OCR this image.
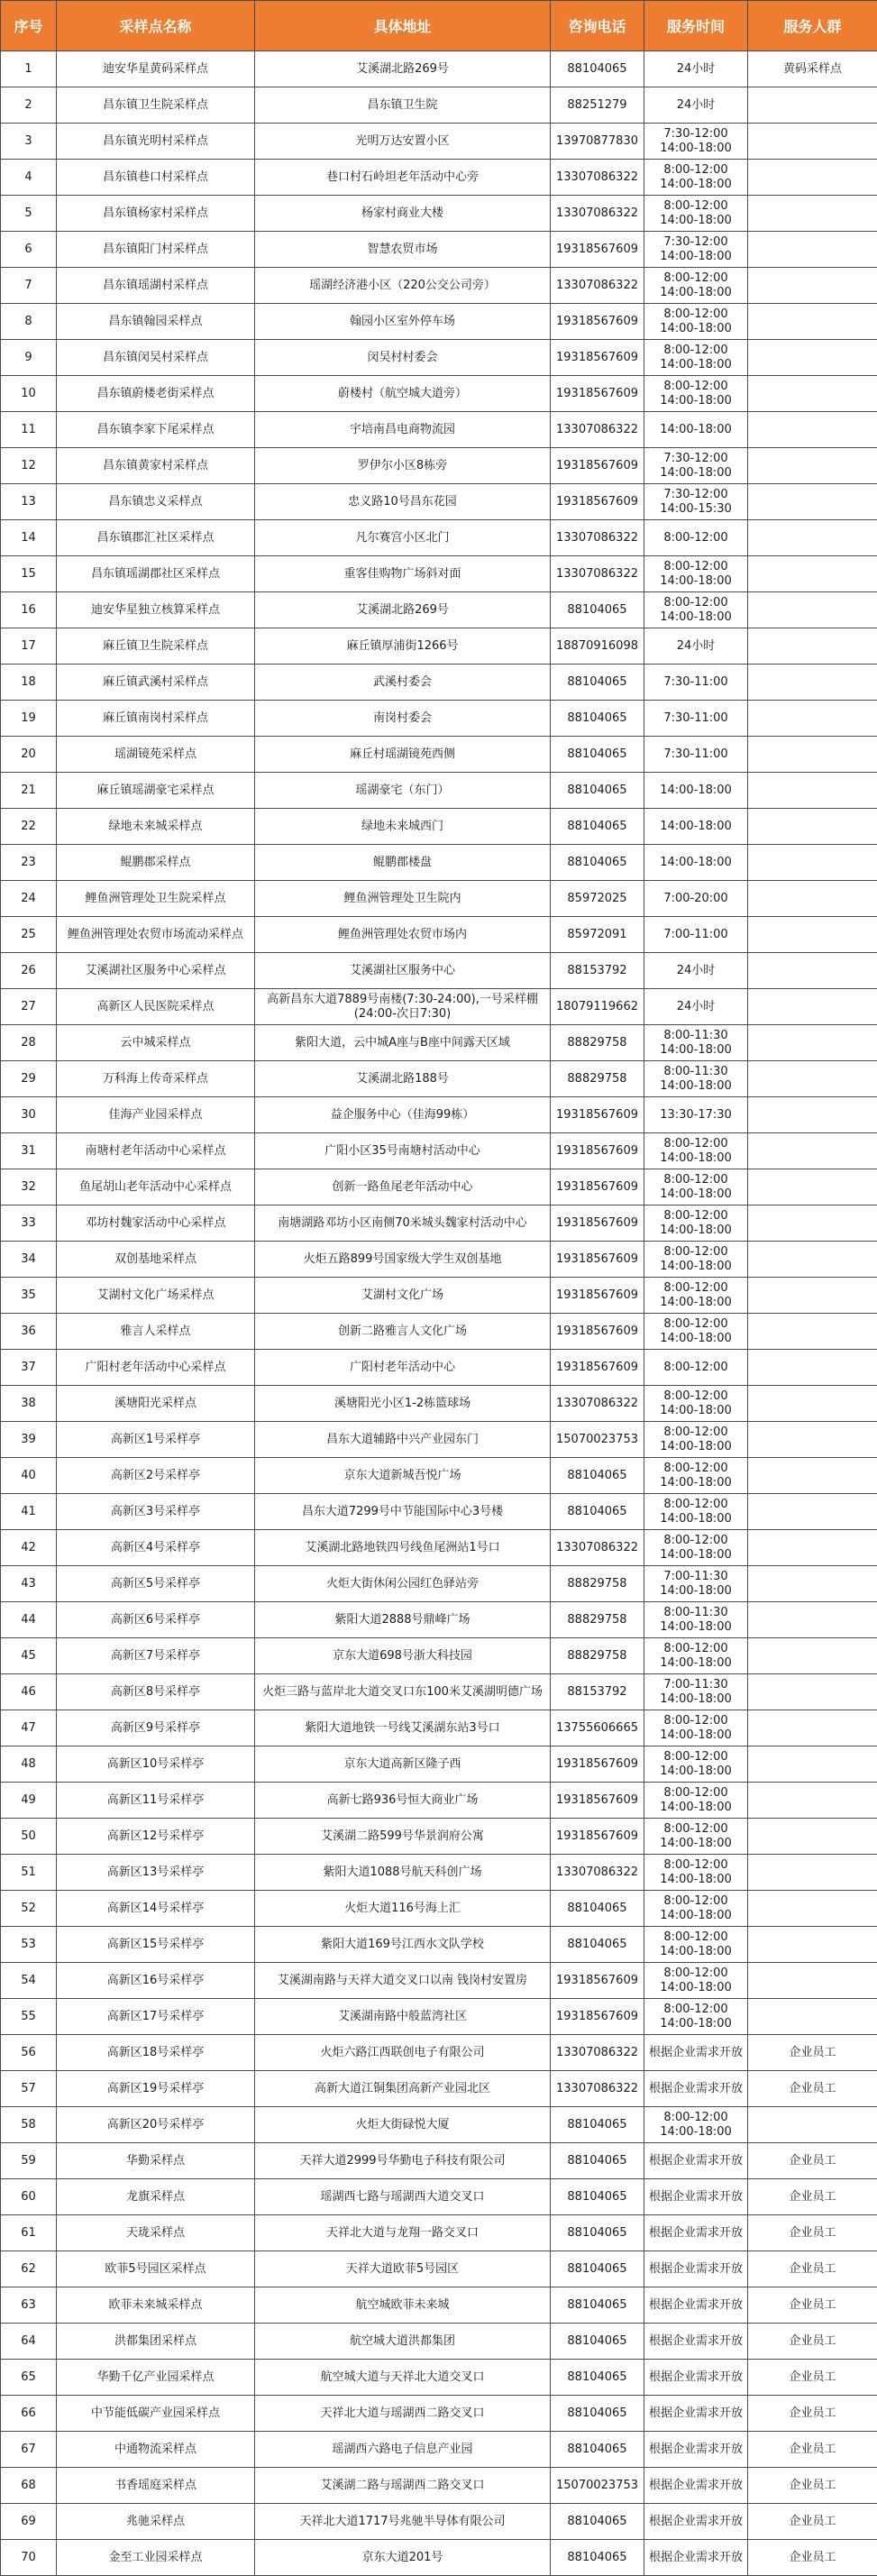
序号	采样点名称	具体地址	咨询电话	服务时间	服务人群
1	迪安华星黄码采样点	艾溪湖北路269号	88104065	24小时	黄码采样点
2	昌东镇卫生院采样点	昌东镇卫生院	88251279	24小时	
3	昌东镇光明村采样点	光明万达安置小区	13970877830	7:30-12:00
14:00-18:00	
4	昌东镇巷口村采样点	巷口村石岭坦老年活动中心旁	13307086322	8:00-12:00
14:00-18:00	
5	昌东镇杨家村采样点	杨家村商业大楼	13307086322	8:00-12:00
14:00-18:00	
6	昌东镇阳门村采样点	智慧农贸市场	19318567609	7:30-12:00
14:00-18:00	
7	昌东镇瑶湖村采样点	瑶湖经济港小区（220公交公司旁）	13307086322	8:00-12:00
14:00-18:00	
8	昌东镇翰园采样点	翰园小区室外停车场	19318567609	8:00-12:00
14:00-18:00	
9	昌东镇闵吴村采样点	闵吴村村委会	19318567609	8:00-12:00
14:00-18:00	
10	昌东镇蔚楼老街采样点	蔚楼村（航空城大道旁）	19318567609	8:00-12:00
14:00-18:00	
11	昌东镇李家下尾采样点	宇培南昌电商物流园	13307086322	14:00-18:00	
12	昌东镇黄家村采样点	罗伊尔小区8栋旁	19318567609	7:30-12:00
14:00-18:00	
13	昌东镇忠义采样点	忠义路10号昌东花园	19318567609	7:30-12:00
14:00-15:30	
14	昌东镇郡汇社区采样点	凡尔赛宫小区北门	13307086322	8:00-12:00	
15	昌东镇瑶湖郡社区采样点	重客佳购物广场斜对面	13307086322	8:00-12:00
14:00-18:00	
16	迪安华星独立核算采样点	艾溪湖北路269号	88104065	8:00-12:00
14:00-18:00	
17	麻丘镇卫生院采样点	麻丘镇厚浦街1266号	18870916098	24小时	
18	麻丘镇武溪村采样点	武溪村委会	88104065	7:30-11:00	
19	麻丘镇南岗村采样点	南岗村委会	88104065	7:30-11:00	
20	瑶湖镜苑采样点	麻丘村瑶湖镜苑西侧	88104065	7:30-11:00	
21	麻丘镇瑶湖豪宅采样点	瑶湖豪宅（东门）	88104065	14:00-18:00	
22	绿地未来城采样点	绿地未来城西门	88104065	14:00-18:00	
23	鲲鹏郡采样点	鲲鹏郡楼盘	88104065	14:00-18:00	
24	鲤鱼洲管理处卫生院采样点	鲤鱼洲管理处卫生院内	85972025	7:00-20:00	
25	鲤鱼洲管理处农贸市场流动采样点	鲤鱼洲管理处农贸市场内	85972091	7:00-11:00	
26	艾溪湖社区服务中心采样点	艾溪湖社区服务中心	88153792	24小时	
27	高新区人民医院采样点	高新昌东大道7889号南楼(7:30-24:00),一号采样棚(24:00-次日7:30)	18079119662	24小时	
28	云中城采样点	紫阳大道，云中城A座与B座中间露天区域	88829758	8:00-11:30
14:00-18:00	
29	万科海上传奇采样点	艾溪湖北路188号	88829758	8:00-11:30
14:00-18:00	
30	佳海产业园采样点	益企服务中心（佳海99栋）	19318567609	13:30-17:30	
31	南塘村老年活动中心采样点	广阳小区35号南塘村活动中心	19318567609	8:00-12:00
14:00-18:00	
32	鱼尾胡山老年活动中心采样点	创新一路鱼尾老年活动中心	19318567609	8:00-12:00
14:00-18:00	
33	邓坊村魏家活动中心采样点	南塘湖路邓坊小区南侧70米城头魏家村活动中心	19318567609	8:00-12:00
14:00-18:00	
34	双创基地采样点	火炬五路899号国家级大学生双创基地	19318567609	8:00-12:00
14:00-18:00	
35	艾湖村文化广场采样点	艾湖村文化广场	19318567609	8:00-12:00
14:00-18:00	
36	雅言人采样点	创新二路雅言人文化广场	19318567609	8:00-12:00
14:00-18:00	
37	广阳村老年活动中心采样点	广阳村老年活动中心	19318567609	8:00-12:00	
38	溪塘阳光采样点	溪塘阳光小区1-2栋篮球场	13307086322	8:00-12:00
14:00-18:00	
39	高新区1号采样亭	昌东大道辅路中兴产业园东门	15070023753	8:00-12:00
14:00-18:00	
40	高新区2号采样亭	京东大道新城吾悦广场	88104065	8:00-12:00
14:00-18:00	
41	高新区3号采样亭	昌东大道7299号中节能国际中心3号楼	88104065	8:00-12:00
14:00-18:00	
42	高新区4号采样亭	艾溪湖北路地铁四号线鱼尾洲站1号口	13307086322	8:00-12:00
14:00-18:00	
43	高新区5号采样亭	火炬大街休闲公园红色驿站旁	88829758	7:00-11:30
14:00-18:00	
44	高新区6号采样亭	紫阳大道2888号鼎峰广场	88829758	8:00-11:30
14:00-18:00	
45	高新区7号采样亭	京东大道698号浙大科技园	88829758	8:00-12:00
14:00-18:00	
46	高新区8号采样亭	火炬三路与蓝岸北大道交叉口东100米艾溪湖明德广场	88153792	7:00-11:30
14:00-18:00	
47	高新区9号采样亭	紫阳大道地铁一号线艾溪湖东站3号口	13755606665	8:00-12:00
14:00-18:00	
48	高新区10号采样亭	京东大道高新区隆子西	19318567609	8:00-12:00
14:00-18:00	
49	高新区11号采样亭	高新七路936号恒大商业广场	19318567609	8:00-12:00
14:00-18:00	
50	高新区12号采样亭	艾溪湖二路599号华景润府公寓	19318567609	8:00-12:00
14:00-18:00	
51	高新区13号采样亭	紫阳大道1088号航天科创广场	13307086322	8:00-12:00
14:00-18:00	
52	高新区14号采样亭	火炬大道116号海上汇	88104065	8:00-12:00
14:00-18:00	
53	高新区15号采样亭	紫阳大道169号江西水文队学校	88104065	8:00-12:00
14:00-18:00	
54	高新区16号采样亭	艾溪湖南路与天祥大道交叉口以南 钱岗村安置房	19318567609	8:00-12:00
14:00-18:00	
55	高新区17号采样亭	艾溪湖南路中般蓝湾社区	19318567609	8:00-12:00
14:00-18:00	
56	高新区18号采样亭	火炬六路江西联创电子有限公司	13307086322	根据企业需求开放	企业员工
57	高新区19号采样亭	高新大道江铜集团高新产业园北区	13307086322	根据企业需求开放	企业员工
58	高新区20号采样亭	火炬大街碌悦大厦	88104065	8:00-12:00
14:00-18:00	
59	华勤采样点	天祥大道2999号华勤电子科技有限公司	88104065	根据企业需求开放	企业员工
60	龙旗采样点	瑶湖西七路与瑶湖西大道交叉口	88104065	根据企业需求开放	企业员工
61	天珑采样点	天祥北大道与龙翔一路交叉口	88104065	根据企业需求开放	企业员工
62	欧菲5号园区采样点	天祥大道欧菲5号园区	88104065	根据企业需求开放	企业员工
63	欧菲未来城采样点	航空城欧菲未来城	88104065	根据企业需求开放	企业员工
64	洪都集团采样点	航空城大道洪都集团	88104065	根据企业需求开放	企业员工
65	华勤千亿产业园采样点	航空城大道与天祥北大道交叉口	88104065	根据企业需求开放	企业员工
66	中节能低碳产业园采样点	天祥北大道与瑶湖西二路交叉口	88104065	根据企业需求开放	企业员工
67	中通物流采样点	瑶湖西六路电子信息产业园	88104065	根据企业需求开放	企业员工
68	书香瑶庭采样点	艾溪湖二路与瑶湖西二路交叉口	15070023753	根据企业需求开放	企业员工
69	兆驰采样点	天祥北大道1717号兆驰半导体有限公司	88104065	根据企业需求开放	企业员工
70	金至工业园采样点	京东大道201号	88104065	根据企业需求开放	企业员工
